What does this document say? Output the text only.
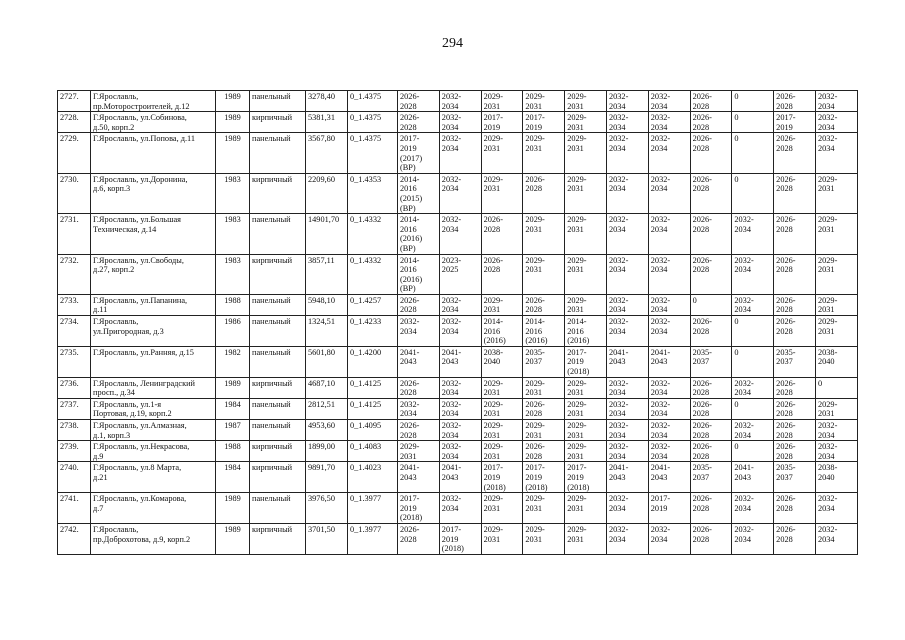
294
2727.	Г.Ярославль,
пр.Моторостроителей, д.12	1989	панельный	3278,40	0_1.4375	2026-
2028	2032-
2034	2029-
2031	2029-
2031	2029-
2031	2032-
2034	2032-
2034	2026-
2028	0	2026-
2028	2032-
2034
2728.	Г.Ярославль, ул.Собинова,
д.50, корп.2	1989	кирпичный	5381,31	0_1.4375	2026-
2028	2032-
2034	2017-
2019	2017-
2019	2029-
2031	2032-
2034	2032-
2034	2026-
2028	0	2017-
2019	2032-
2034
2729.	Г.Ярославль, ул.Попова, д.11	1989	панельный	3567,80	0_1.4375	2017-
2019
(2017)
(ВР)	2032-
2034	2029-
2031	2029-
2031	2029-
2031	2032-
2034	2032-
2034	2026-
2028	0	2026-
2028	2032-
2034
2730.	Г.Ярославль, ул.Доронина,
д.6, корп.3	1983	кирпичный	2209,60	0_1.4353	2014-
2016
(2015)
(ВР)	2032-
2034	2029-
2031	2026-
2028	2029-
2031	2032-
2034	2032-
2034	2026-
2028	0	2026-
2028	2029-
2031
2731.	Г.Ярославль, ул.Большая
Техническая, д.14	1983	панельный	14901,70	0_1.4332	2014-
2016
(2016)
(ВР)	2032-
2034	2026-
2028	2029-
2031	2029-
2031	2032-
2034	2032-
2034	2026-
2028	2032-
2034	2026-
2028	2029-
2031
2732.	Г.Ярославль, ул.Свободы,
д.27, корп.2	1983	кирпичный	3857,11	0_1.4332	2014-
2016
(2016)
(ВР)	2023-
2025	2026-
2028	2029-
2031	2029-
2031	2032-
2034	2032-
2034	2026-
2028	2032-
2034	2026-
2028	2029-
2031
2733.	Г.Ярославль, ул.Папанина,
д.11	1988	панельный	5948,10	0_1.4257	2026-
2028	2032-
2034	2029-
2031	2026-
2028	2029-
2031	2032-
2034	2032-
2034	0	2032-
2034	2026-
2028	2029-
2031
2734.	Г.Ярославль,
ул.Пригородная, д.3	1986	панельный	1324,51	0_1.4233	2032-
2034	2032-
2034	2014-
2016
(2016)	2014-
2016
(2016)	2014-
2016
(2016)	2032-
2034	2032-
2034	2026-
2028	0	2026-
2028	2029-
2031
2735.	Г.Ярославль, ул.Ранняя, д.15	1982	панельный	5601,80	0_1.4200	2041-
2043	2041-
2043	2038-
2040	2035-
2037	2017-
2019
(2018)	2041-
2043	2041-
2043	2035-
2037	0	2035-
2037	2038-
2040
2736.	Г.Ярославль, Ленинградский
просп., д.34	1989	кирпичный	4687,10	0_1.4125	2026-
2028	2032-
2034	2029-
2031	2029-
2031	2029-
2031	2032-
2034	2032-
2034	2026-
2028	2032-
2034	2026-
2028	0
2737.	Г.Ярославль, ул.1-я
Портовая, д.19, корп.2	1984	панельный	2812,51	0_1.4125	2032-
2034	2032-
2034	2029-
2031	2026-
2028	2029-
2031	2032-
2034	2032-
2034	2026-
2028	0	2026-
2028	2029-
2031
2738.	Г.Ярославль, ул.Алмазная,
д.1, корп.3	1987	панельный	4953,60	0_1.4095	2026-
2028	2032-
2034	2029-
2031	2029-
2031	2029-
2031	2032-
2034	2032-
2034	2026-
2028	2032-
2034	2026-
2028	2032-
2034
2739.	Г.Ярославль, ул.Некрасова,
д.9	1988	кирпичный	1899,00	0_1.4083	2029-
2031	2032-
2034	2029-
2031	2026-
2028	2029-
2031	2032-
2034	2032-
2034	2026-
2028	0	2026-
2028	2032-
2034
2740.	Г.Ярославль, ул.8 Марта,
д.21	1984	кирпичный	9891,70	0_1.4023	2041-
2043	2041-
2043	2017-
2019
(2018)	2017-
2019
(2018)	2017-
2019
(2018)	2041-
2043	2041-
2043	2035-
2037	2041-
2043	2035-
2037	2038-
2040
2741.	Г.Ярославль, ул.Комарова,
д.7	1989	панельный	3976,50	0_1.3977	2017-
2019
(2018)	2032-
2034	2029-
2031	2029-
2031	2029-
2031	2032-
2034	2017-
2019	2026-
2028	2032-
2034	2026-
2028	2032-
2034
2742.	Г.Ярославль,
пр.Доброхотова, д.9, корп.2	1989	кирпичный	3701,50	0_1.3977	2026-
2028	2017-
2019
(2018)	2029-
2031	2029-
2031	2029-
2031	2032-
2034	2032-
2034	2026-
2028	2032-
2034	2026-
2028	2032-
2034
